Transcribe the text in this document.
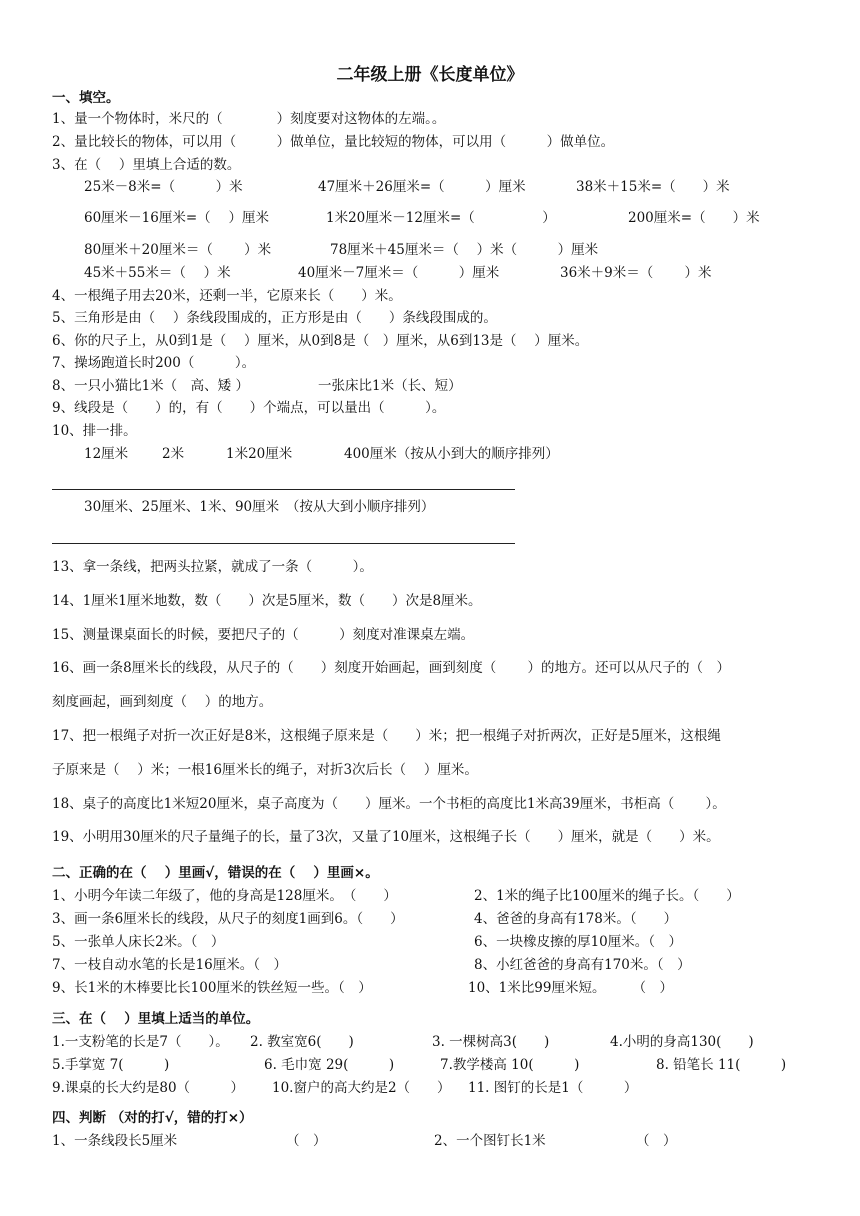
二年级上册《长度单位》
一、填空。
1、量一个物体时，米尺的（　　　　）刻度要对这物体的左端。。
2、量比较长的物体，可以用（　　　）做单位，量比较短的物体，可以用（　　　）做单位。
3、在（　 ）里填上合适的数。
25米－8米=（　　　）米	47厘米＋26厘米=（　　　）厘米	38米＋15米=（　　）米
60厘米－16厘米=（　 ）厘米	1米20厘米－12厘米=（　　　　　）	200厘米=（　　）米
80厘米＋20厘米＝（　　 ）米	78厘米＋45厘米＝（　 ）米（　　　）厘米
45米＋55米＝（　 ）米	40厘米－7厘米＝（　　　）厘米	36米＋9米＝（　　 ）米
4、一根绳子用去20米，还剩一半，它原来长（　　）米。
5、三角形是由（　 ）条线段围成的，正方形是由（　　）条线段围成的。
6、你的尺子上，从0到1是（　 ）厘米，从0到8是（　）厘米，从6到13是（　 ）厘米。
7、操场跑道长时200（　　　）。
8、一只小猫比1米（　高、矮 ）	一张床比1米（长、短）
9、线段是（　　）的，有（　　）个端点，可以量出（　　　）。
10、排一排。
12厘米	2米	1米20厘米	400厘米（按从小到大的顺序排列）
30厘米、25厘米、1米、90厘米　（按从大到小顺序排列）
13、拿一条线，把两头拉紧，就成了一条（　　　）。
14、1厘米1厘米地数，数（　　）次是5厘米，数（　　）次是8厘米。
15、测量课桌面长的时候，要把尺子的（　　　）刻度对准课桌左端。
16、画一条8厘米长的线段，从尺子的（　　）刻度开始画起，画到刻度（　　 ）的地方。还可以从尺子的（　）
刻度画起，画到刻度（　 ）的地方。
17、把一根绳子对折一次正好是8米，这根绳子原来是（　　）米；把一根绳子对折两次，正好是5厘米，这根绳
子原来是（　 ）米；一根16厘米长的绳子，对折3次后长（　 ）厘米。
18、桌子的高度比1米短20厘米，桌子高度为（　　）厘米。一个书柜的高度比1米高39厘米，书柜高（　　 ）。
19、小明用30厘米的尺子量绳子的长，量了3次，又量了10厘米，这根绳子长（　　）厘米，就是（　　）米。
二、正确的在（　 ）里画√，错误的在（　 ）里画×。
1、小明今年读二年级了，他的身高是128厘米。　（　　）	2、1米的绳子比100厘米的绳子长。（　　）
3、画一条6厘米长的线段，从尺子的刻度1画到6。（　　）	4、爸爸的身高有178米。（　　）
5、一张单人床长2米。（　）	6、一块橡皮擦的厚10厘米。（　）
7、一枝自动水笔的长是16厘米。（　）	8、小红爸爸的身高有170米。（　）
9、长1米的木棒要比长100厘米的铁丝短一些。（　）	10、1米比99厘米短。　　　（　）
三、在（　 ）里填上适当的单位。
1.一支粉笔的长是7（　　）。 2. 教室宽6(　　)	3. 一棵树高3(　　)	4.小明的身高130(　　)
5.手掌宽 7(　　　)	6. 毛巾宽 29(　　　)	7.教学楼高 10(　　　)	8. 铅笔长 11(　　　)
9.课桌的长大约是80（　　　） 10.窗户的高大约是2（　　） 11. 图钉的长是1（　　　）
四、判断 （对的打√，错的打×）
1、一条线段长5厘米	（　）	2、一个图钉长1米	（　）
